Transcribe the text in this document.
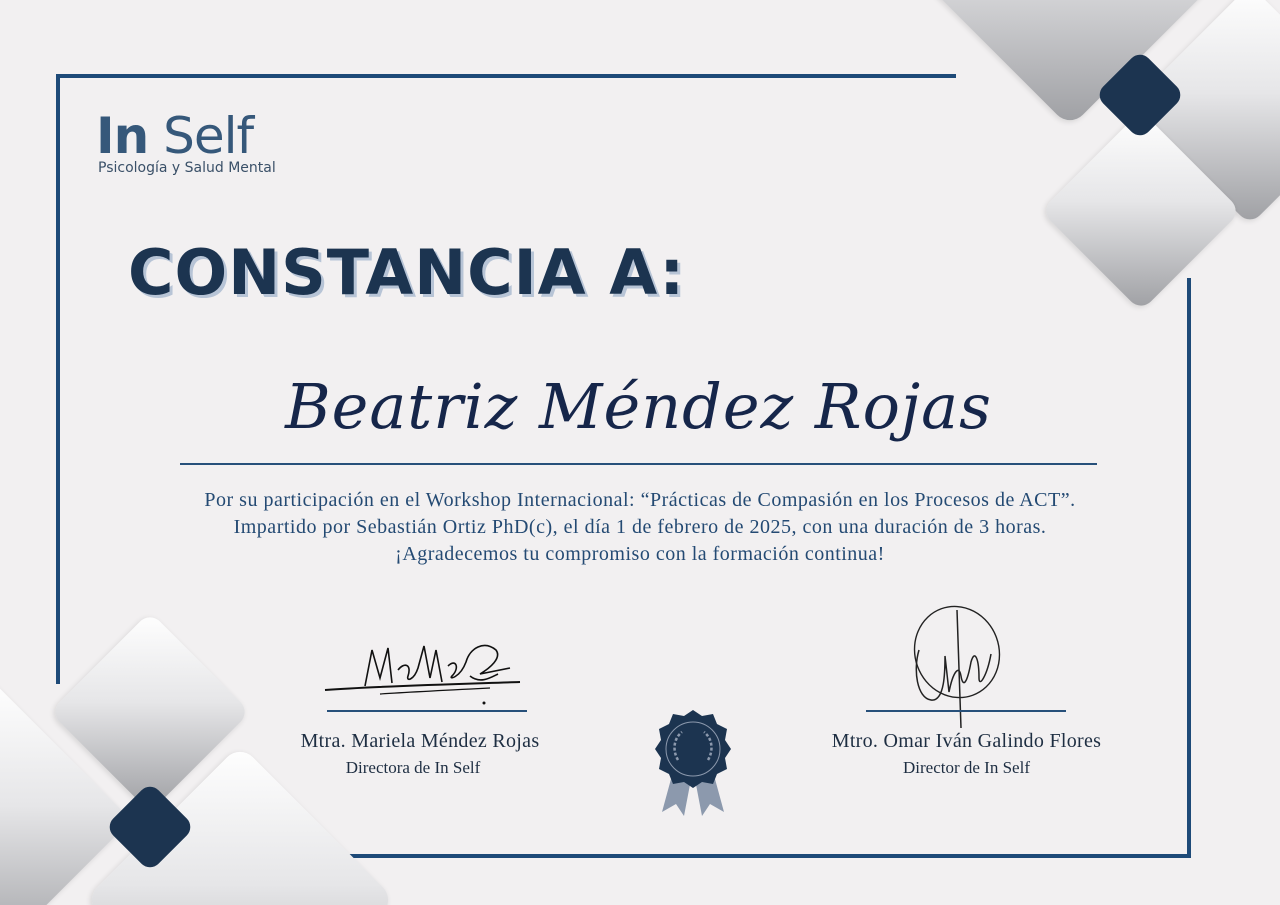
In Self
Psicología y Salud Mental
CONSTANCIA A:
Beatriz Méndez Rojas
Por su participación en el Workshop Internacional: “Prácticas de Compasión en los Procesos de ACT”.
Impartido por Sebastián Ortiz PhD(c), el día 1 de febrero de 2025, con una duración de 3 horas.
¡Agradecemos tu compromiso con la formación continua!
Mtra. Mariela Méndez Rojas
Directora de In Self
Mtro. Omar Iván Galindo Flores
Director de In Self
